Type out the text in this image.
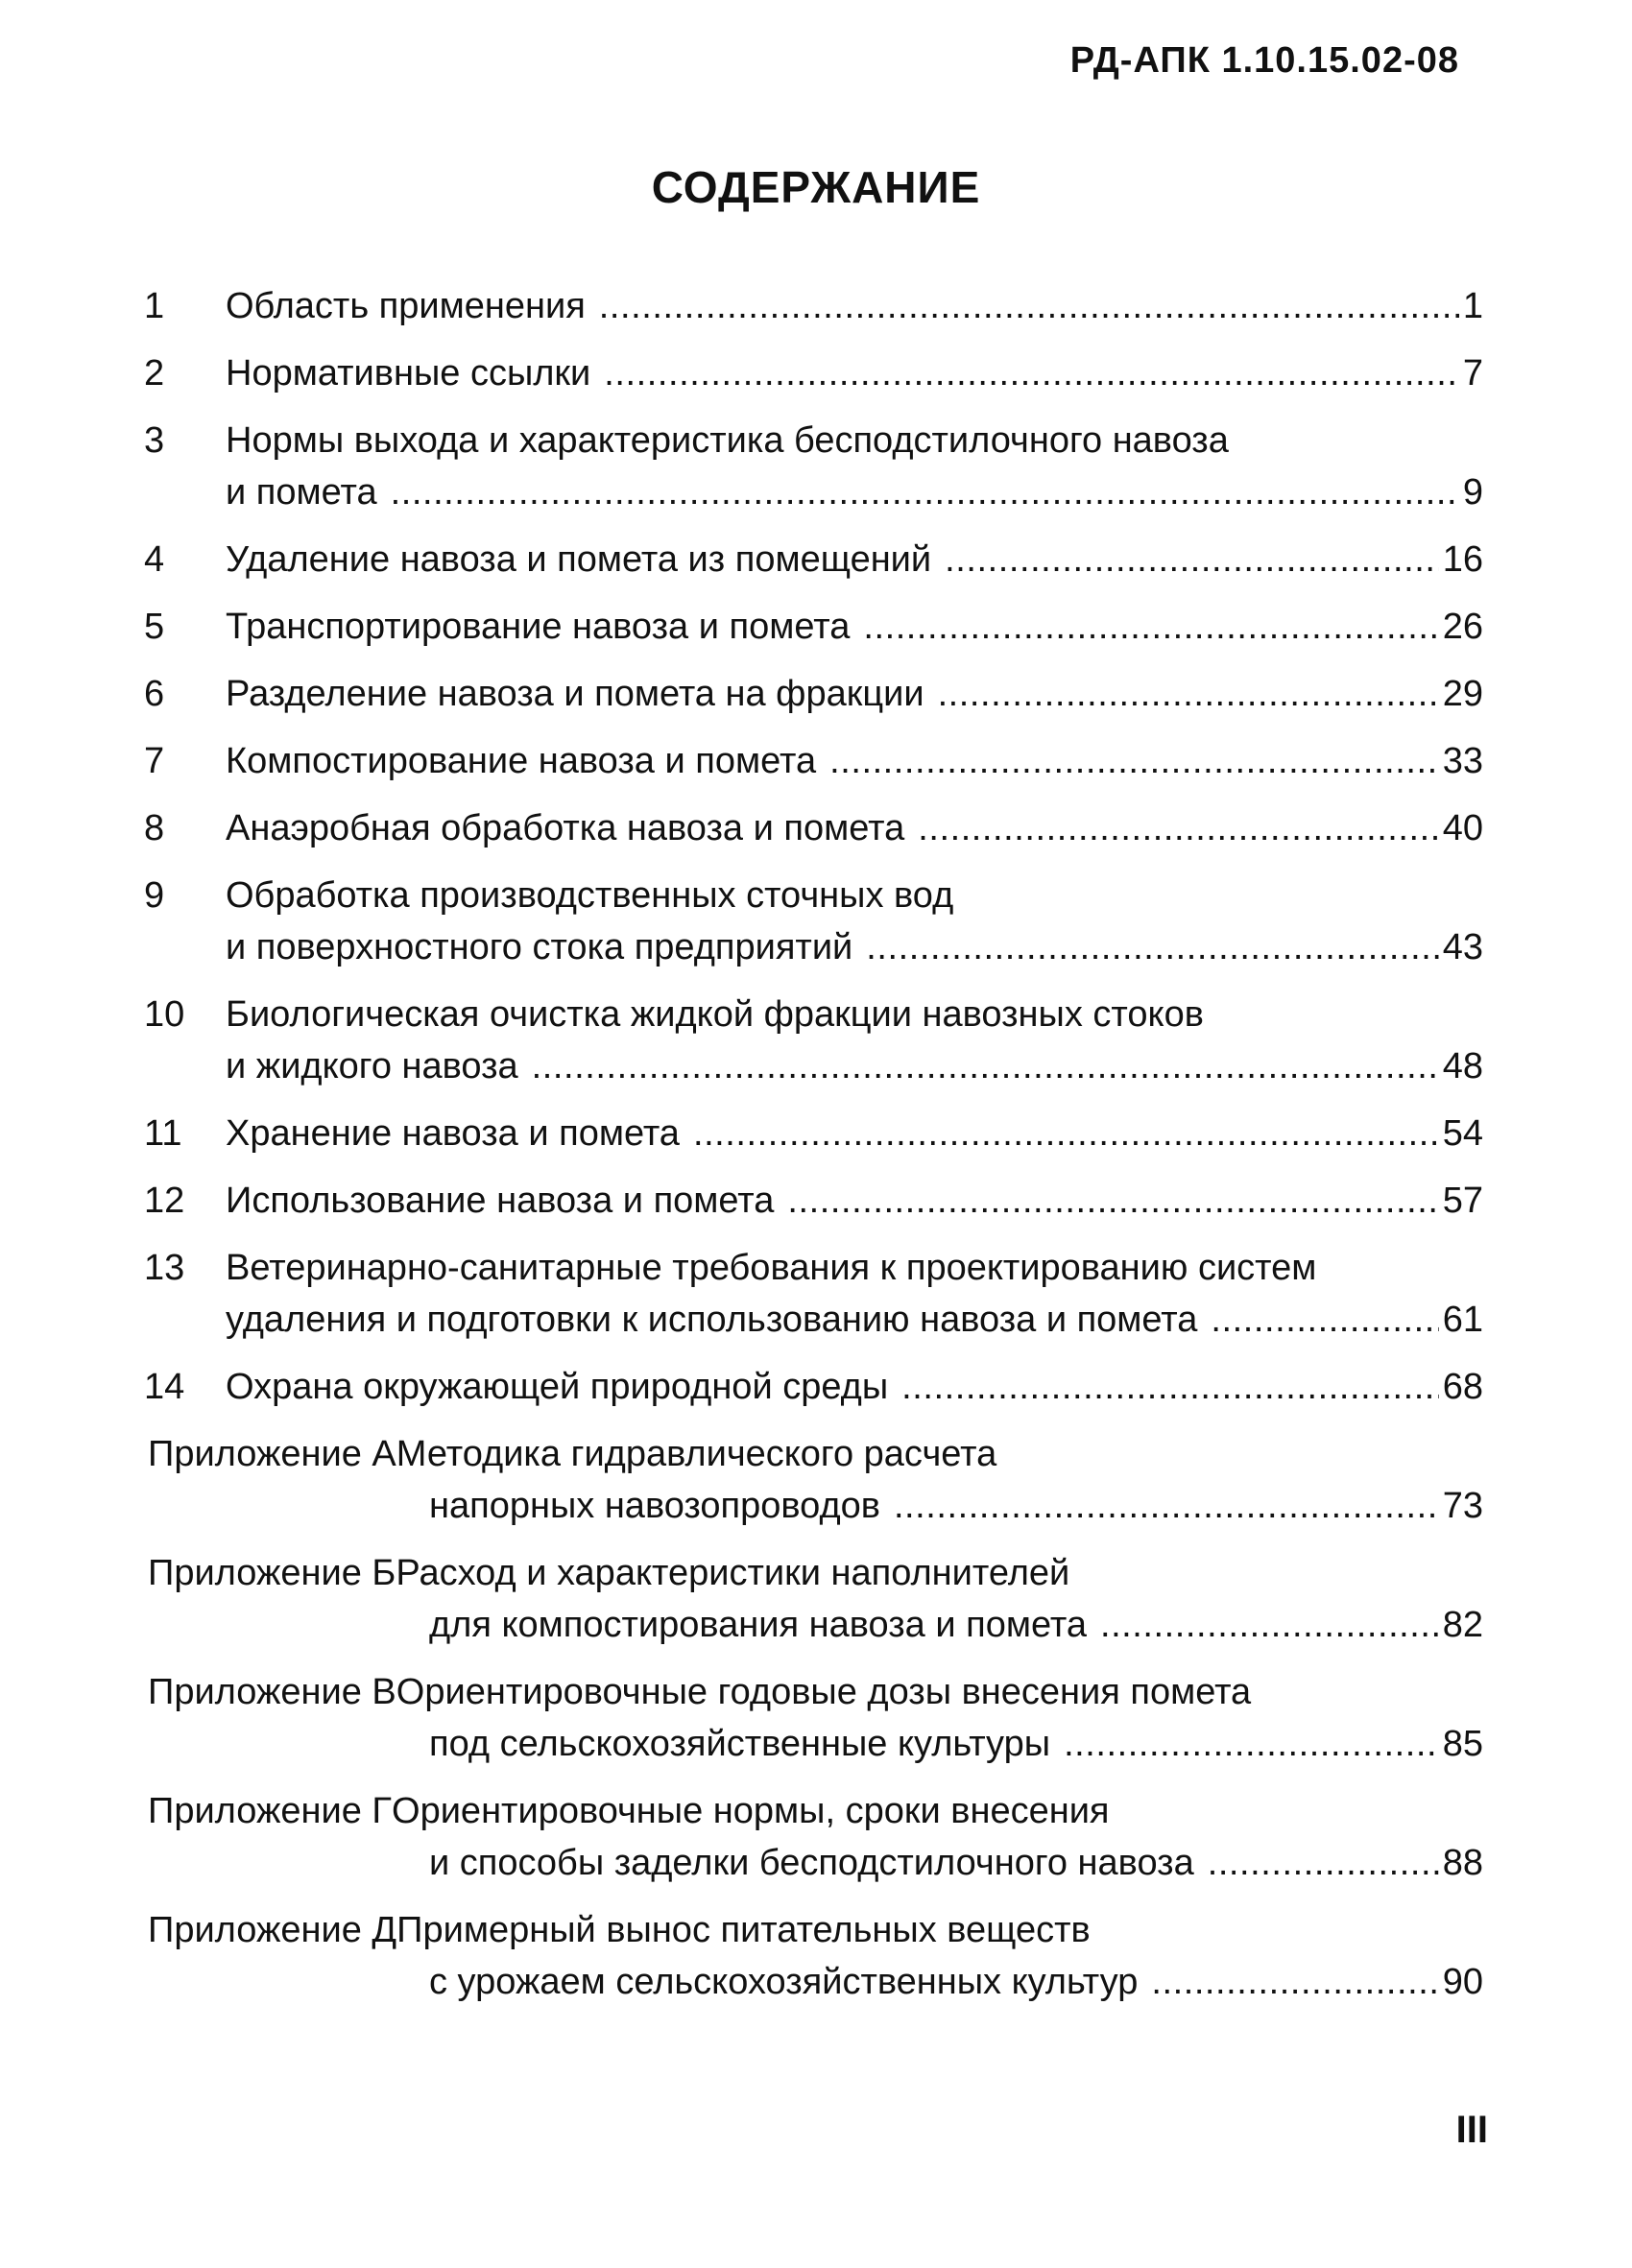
РД-АПК 1.10.15.02-08
СОДЕРЖАНИЕ
1	Область применения . . .	1
2	Нормативные ссылки . . .	7
3	Нормы выхода и характеристика бесподстилочного навоза
и помета . . .	9
4	Удаление навоза и помета из помещений . . .	16
5	Транспортирование навоза и помета . . .	26
6	Разделение навоза и помета на фракции . . .	29
7	Компостирование навоза и помета . . .	33
8	Анаэробная обработка навоза и помета . . .	40
9	Обработка производственных сточных вод
и поверхностного стока предприятий . . .	43
10	Биологическая очистка жидкой фракции навозных стоков
и жидкого навоза . . .	48
11	Хранение навоза и помета . . .	54
12	Использование навоза и помета . . .	57
13	Ветеринарно-санитарные требования к проектированию систем
удаления и подготовки к использованию навоза и помета . . .	61
14	Охрана окружающей природной среды . . .	68
Приложение А Методика гидравлического расчета
напорных навозопроводов . . .	73
Приложение Б Расход и характеристики наполнителей
для компостирования навоза и помета . . .	82
Приложение В Ориентировочные годовые дозы внесения помета
под сельскохозяйственные культуры . . .	85
Приложение Г Ориентировочные нормы, сроки внесения
и способы заделки бесподстилочного навоза . . .	88
Приложение Д Примерный вынос питательных веществ
с урожаем сельскохозяйственных культур . . .	90
III
